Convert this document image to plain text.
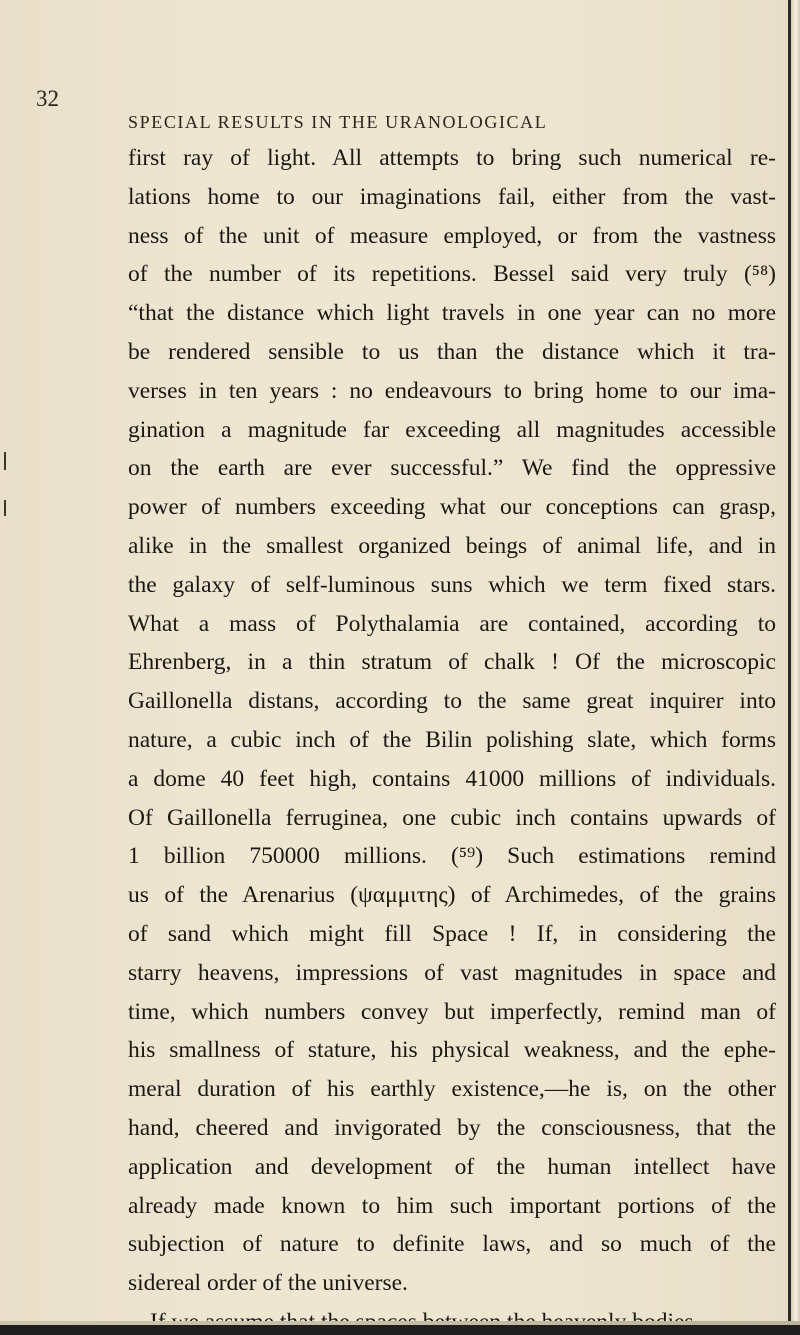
32
SPECIAL RESULTS IN THE URANOLOGICAL
first ray of light. All attempts to bring such numerical re-
lations home to our imaginations fail, either from the vast-
ness of the unit of measure employed, or from the vastness
of the number of its repetitions. Bessel said very truly (⁵⁸)
“that the distance which light travels in one year can no more
be rendered sensible to us than the distance which it tra-
verses in ten years : no endeavours to bring home to our ima-
gination a magnitude far exceeding all magnitudes accessible
on the earth are ever successful.” We find the oppressive
power of numbers exceeding what our conceptions can grasp,
alike in the smallest organized beings of animal life, and in
the galaxy of self-luminous suns which we term fixed stars.
What a mass of Polythalamia are contained, according to
Ehrenberg, in a thin stratum of chalk ! Of the microscopic
Gaillonella distans, according to the same great inquirer into
nature, a cubic inch of the Bilin polishing slate, which forms
a dome 40 feet high, contains 41000 millions of individuals.
Of Gaillonella ferruginea, one cubic inch contains upwards of
1 billion 750000 millions. (⁵⁹) Such estimations remind
us of the Arenarius (ψαμμιτης) of Archimedes, of the grains
of sand which might fill Space ! If, in considering the
starry heavens, impressions of vast magnitudes in space and
time, which numbers convey but imperfectly, remind man of
his smallness of stature, his physical weakness, and the ephe-
meral duration of his earthly existence,—he is, on the other
hand, cheered and invigorated by the consciousness, that the
application and development of the human intellect have
already made known to him such important portions of the
subjection of nature to definite laws, and so much of the
sidereal order of the universe.
